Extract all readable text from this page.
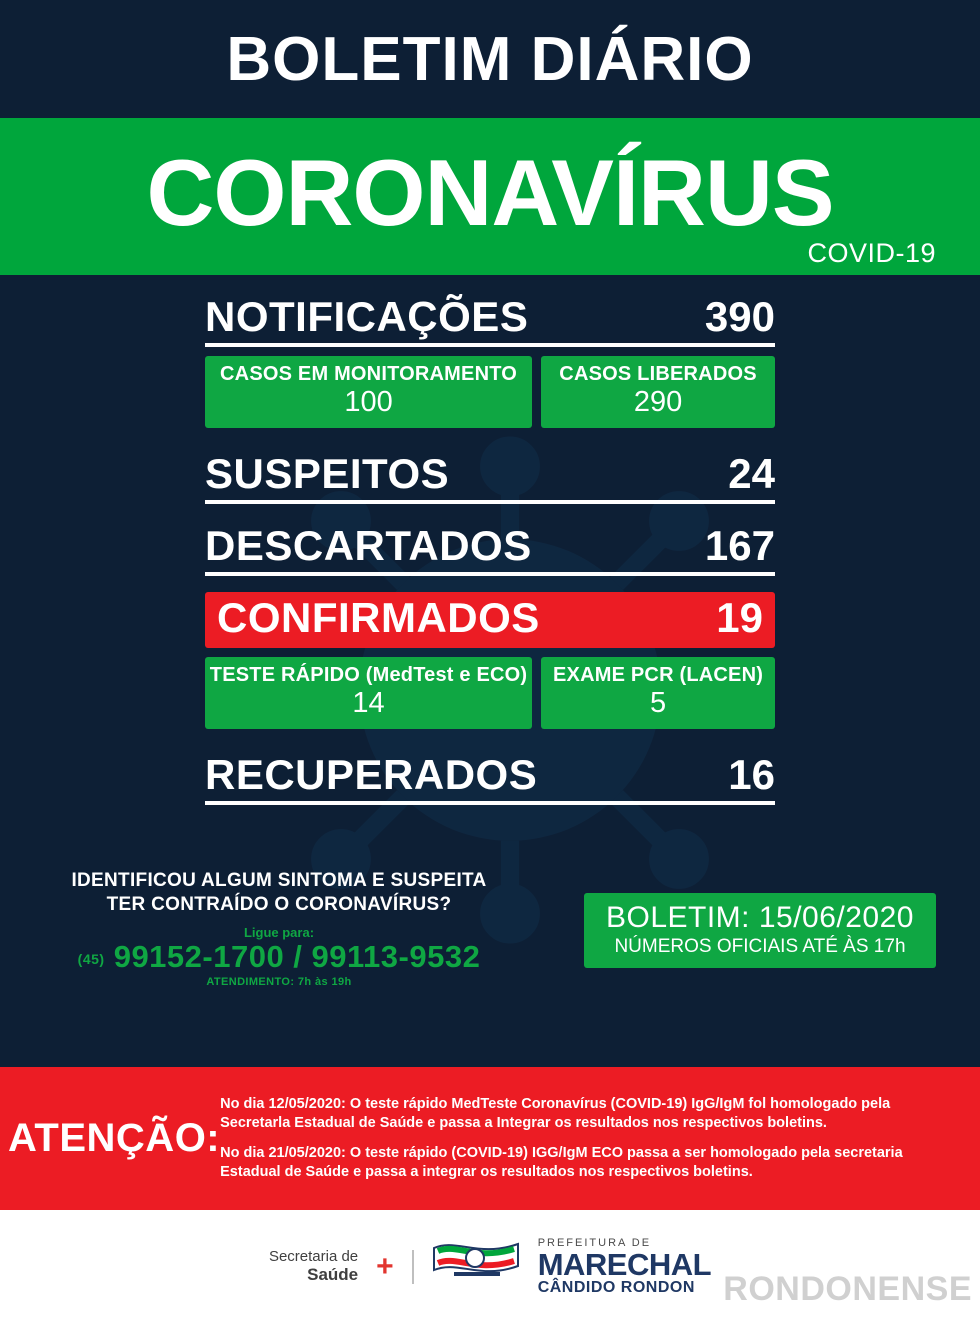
BOLETIM DIÁRIO
CORONAVÍRUS
COVID-19
NOTIFICAÇÕES	390
CASOS EM MONITORAMENTO
100
CASOS LIBERADOS
290
SUSPEITOS	24
DESCARTADOS	167
CONFIRMADOS	19
TESTE RÁPIDO (MedTest e ECO)
14
EXAME PCR (LACEN)
5
RECUPERADOS	16
IDENTIFICOU ALGUM SINTOMA E SUSPEITA
TER CONTRAÍDO O CORONAVÍRUS?
Ligue para:
(45) 99152-1700 / 99113-9532
ATENDIMENTO: 7h às 19h
BOLETIM: 15/06/2020
NÚMEROS OFICIAIS ATÉ ÀS 17h
ATENÇÃO:

No dia 12/05/2020: O teste rápido MedTeste Coronavírus (COVID-19) IgG/IgM fol homologado pela Secretarla Estadual de Saúde e passa a Integrar os resultados nos respectivos boletins.

No dia 21/05/2020: O teste rápido (COVID-19) IGG/IgM ECO passa a ser homologado pela secretaria Estadual de Saúde e passa a integrar os resultados nos respectivos boletins.

Secretaria de
Saúde +
PREFEITURA DE
MARECHAL
CÂNDIDO RONDON RONDONENSE
